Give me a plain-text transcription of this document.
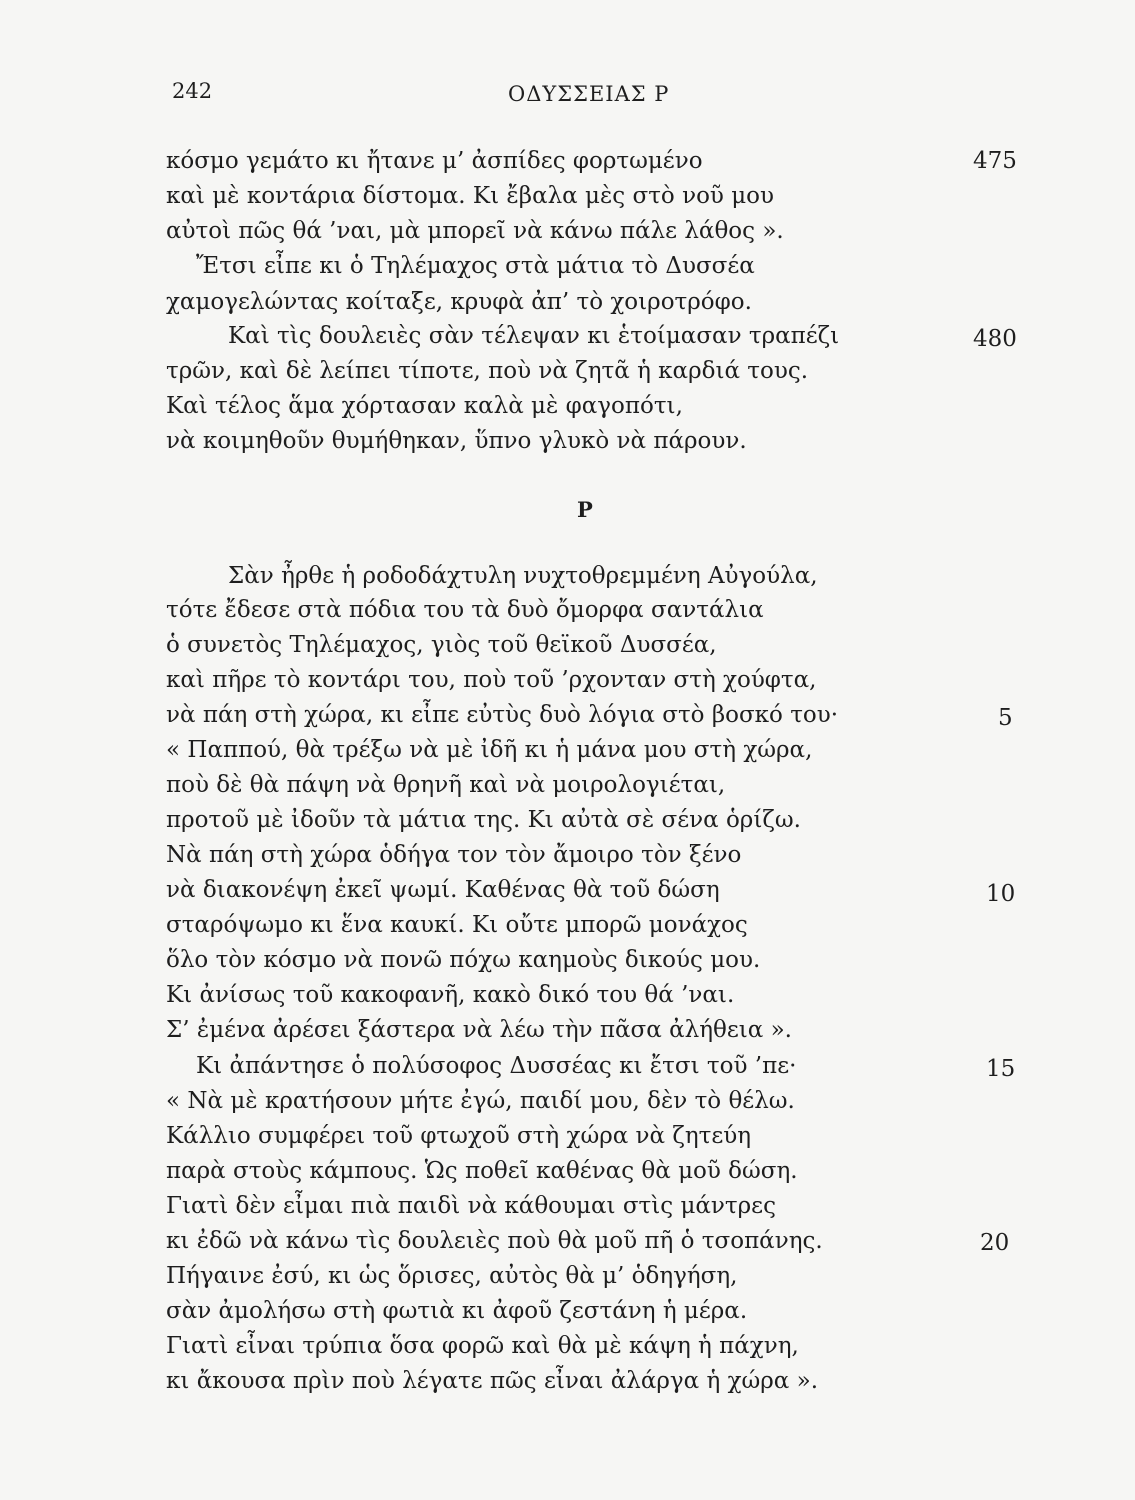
242	ΟΔΥΣΣΕΙΑΣ Ρ
κόσμο γεμάτο κι ἤτανε μ’ ἀσπίδες φορτωμένο
καὶ μὲ κοντάρια δίστομα. Κι ἔβαλα μὲς στὸ νοῦ μου
αὐτοὶ πῶς θά ’ναι, μὰ μπορεῖ νὰ κάνω πάλε λάθος ».
Ἔτσι εἶπε κι ὁ Τηλέμαχος στὰ μάτια τὸ Δυσσέα
χαμογελώντας κοίταξε, κρυφὰ ἀπ’ τὸ χοιροτρόφο.
Καὶ τὶς δουλειὲς σὰν τέλεψαν κι ἑτοίμασαν τραπέζι
τρῶν, καὶ δὲ λείπει τίποτε, ποὺ νὰ ζητᾶ ἡ καρδιά τους.
Καὶ τέλος ἅμα χόρτασαν καλὰ μὲ φαγοπότι,
νὰ κοιμηθοῦν θυμήθηκαν, ὕπνο γλυκὸ νὰ πάρουν.
475
480
Ρ
Σὰν ἦρθε ἡ ροδοδάχτυλη νυχτοθρεμμένη Αὐγούλα,
τότε ἔδεσε στὰ πόδια του τὰ δυὸ ὄμορφα σαντάλια
ὁ συνετὸς Τηλέμαχος, γιὸς τοῦ θεϊκοῦ Δυσσέα,
καὶ πῆρε τὸ κοντάρι του, ποὺ τοῦ ’ρχονταν στὴ χούφτα,
νὰ πάη στὴ χώρα, κι εἶπε εὐτὺς δυὸ λόγια στὸ βοσκό του·
« Παππού, θὰ τρέξω νὰ μὲ ἰδῆ κι ἡ μάνα μου στὴ χώρα,
ποὺ δὲ θὰ πάψη νὰ θρηνῆ καὶ νὰ μοιρολογιέται,
προτοῦ μὲ ἰδοῦν τὰ μάτια της. Κι αὐτὰ σὲ σένα ὁρίζω.
Νὰ πάη στὴ χώρα ὁδήγα τον τὸν ἄμοιρο τὸν ξένο
νὰ διακονέψη ἐκεῖ ψωμί. Καθένας θὰ τοῦ δώση
σταρόψωμο κι ἕνα καυκί. Κι οὔτε μπορῶ μονάχος
ὅλο τὸν κόσμο νὰ πονῶ πόχω καημοὺς δικούς μου.
Κι ἀνίσως τοῦ κακοφανῆ, κακὸ δικό του θά ’ναι.
Σ’ ἐμένα ἀρέσει ξάστερα νὰ λέω τὴν πᾶσα ἀλήθεια ».
Κι ἀπάντησε ὁ πολύσοφος Δυσσέας κι ἔτσι τοῦ ’πε·
« Νὰ μὲ κρατήσουν μήτε ἐγώ, παιδί μου, δὲν τὸ θέλω.
Κάλλιο συμφέρει τοῦ φτωχοῦ στὴ χώρα νὰ ζητεύη
παρὰ στοὺς κάμπους. Ὡς ποθεῖ καθένας θὰ μοῦ δώση.
Γιατὶ δὲν εἶμαι πιὰ παιδὶ νὰ κάθουμαι στὶς μάντρες
κι ἐδῶ νὰ κάνω τὶς δουλειὲς ποὺ θὰ μοῦ πῆ ὁ τσοπάνης.
Πήγαινε ἐσύ, κι ὡς ὅρισες, αὐτὸς θὰ μ’ ὁδηγήση,
σὰν ἀμολήσω στὴ φωτιὰ κι ἀφοῦ ζεστάνη ἡ μέρα.
Γιατὶ εἶναι τρύπια ὅσα φορῶ καὶ θὰ μὲ κάψη ἡ πάχνη,
κι ἄκουσα πρὶν ποὺ λέγατε πῶς εἶναι ἀλάργα ἡ χώρα ».
5
10
15
20
